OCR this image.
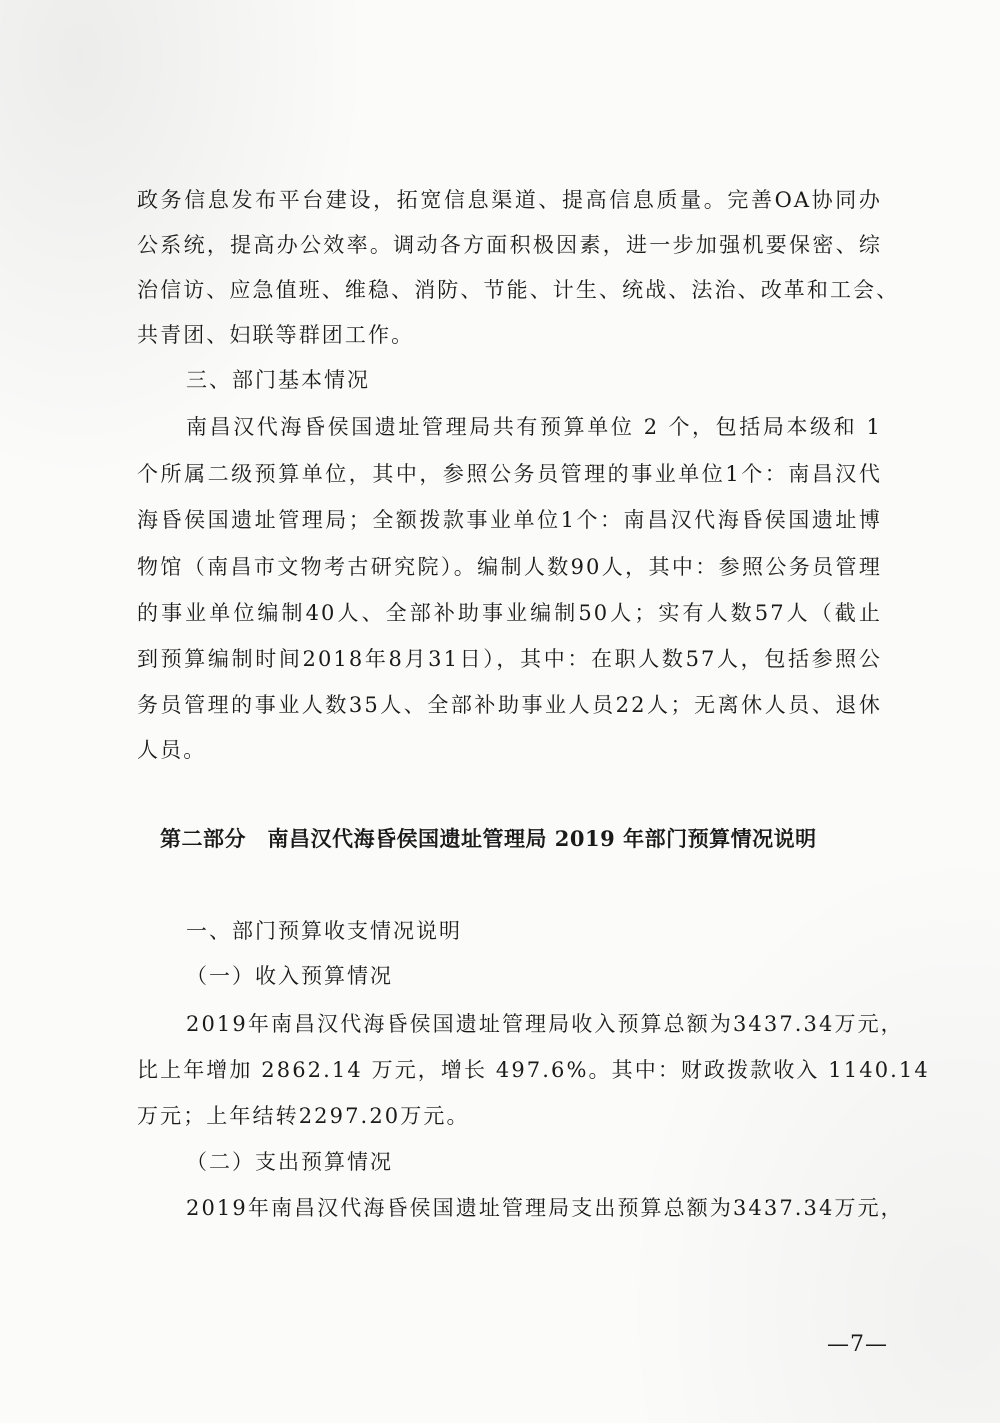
政务信息发布平台建设，拓宽信息渠道、提高信息质量。完善OA协同办
公系统，提高办公效率。调动各方面积极因素，进一步加强机要保密、综
治信访、应急值班、维稳、消防、节能、计生、统战、法治、改革和工会、
共青团、妇联等群团工作。
三、部门基本情况
南昌汉代海昏侯国遗址管理局共有预算单位 2 个，包括局本级和 1
个所属二级预算单位，其中，参照公务员管理的事业单位1个：南昌汉代
海昏侯国遗址管理局；全额拨款事业单位1个：南昌汉代海昏侯国遗址博
物馆（南昌市文物考古研究院）。编制人数90人，其中：参照公务员管理
的事业单位编制40人、全部补助事业编制50人；实有人数57人（截止
到预算编制时间2018年8月31日），其中：在职人数57人，包括参照公
务员管理的事业人数35人、全部补助事业人员22人；无离休人员、退休
人员。
第二部分　南昌汉代海昏侯国遗址管理局 2019 年部门预算情况说明
一、部门预算收支情况说明
（一）收入预算情况
2019年南昌汉代海昏侯国遗址管理局收入预算总额为3437.34万元，
比上年增加 2862.14 万元，增长 497.6%。其中：财政拨款收入 1140.14
万元；上年结转2297.20万元。
（二）支出预算情况
2019年南昌汉代海昏侯国遗址管理局支出预算总额为3437.34万元，
—7—
